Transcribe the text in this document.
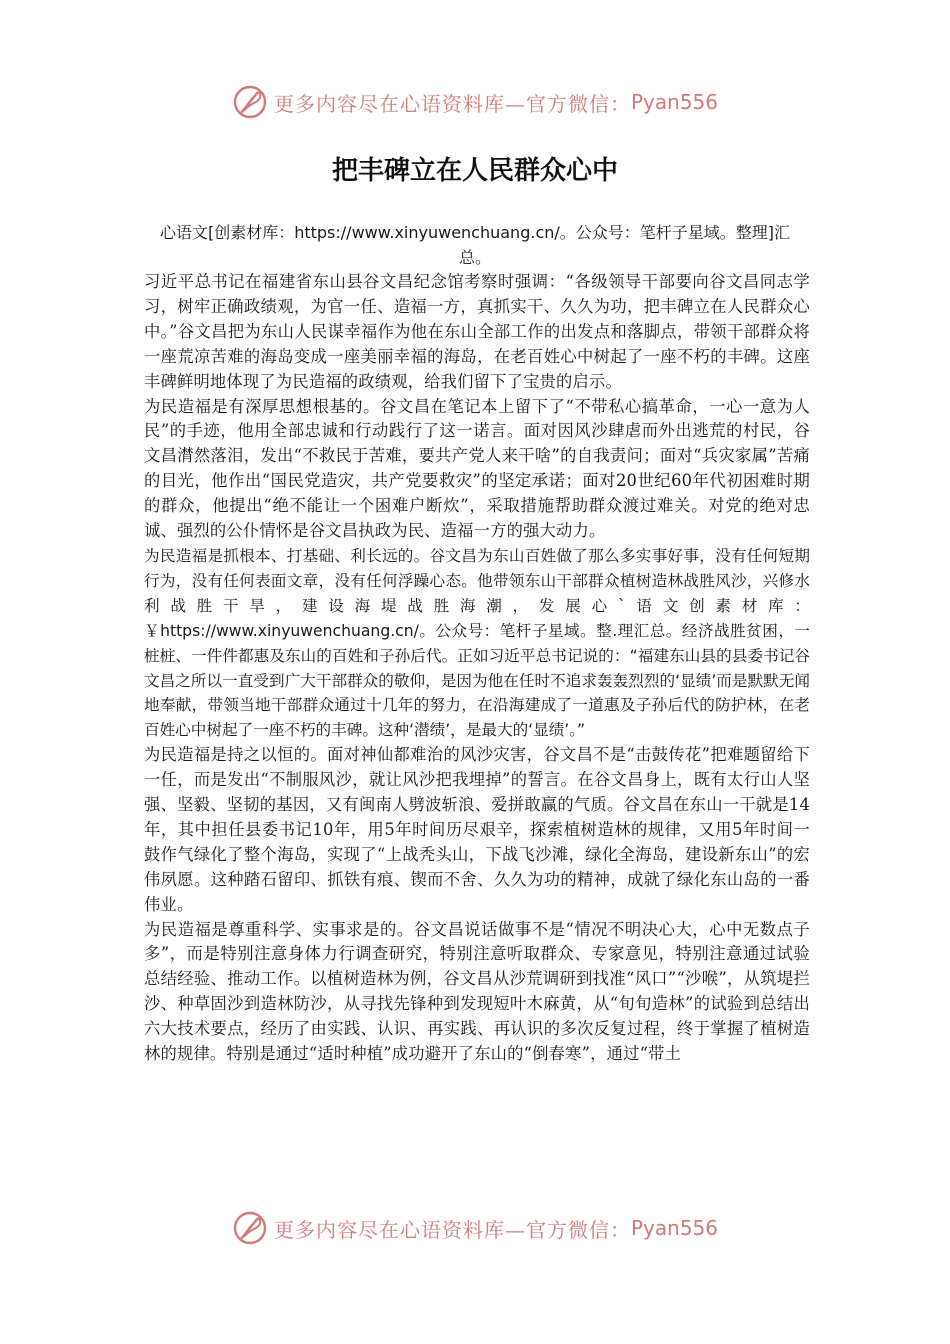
更多内容尽在心语资料库—官方微信： Pyan556
把丰碑立在人民群众心中
心语文[创素材库：https://www.xinyuwenchuang.cn/。公众号：笔杆子星域。整理]汇总。

习近平总书记在福建省东山县谷文昌纪念馆考察时强调：“各级领导干部要向谷文昌同志学习，树牢正确政绩观，为官一任、造福一方，真抓实干、久久为功，把丰碑立在人民群众心中。”谷文昌把为东山人民谋幸福作为他在东山全部工作的出发点和落脚点，带领干部群众将一座荒凉苦难的海岛变成一座美丽幸福的海岛，在老百姓心中树起了一座不朽的丰碑。这座丰碑鲜明地体现了为民造福的政绩观，给我们留下了宝贵的启示。

为民造福是有深厚思想根基的。谷文昌在笔记本上留下了“不带私心搞革命，一心一意为人民”的手迹，他用全部忠诚和行动践行了这一诺言。面对因风沙肆虐而外出逃荒的村民，谷文昌潸然落泪，发出“不救民于苦难，要共产党人来干啥”的自我责问；面对“兵灾家属”苦痛的目光，他作出“国民党造灾，共产党要救灾”的坚定承诺；面对20世纪60年代初困难时期的群众，他提出“绝不能让一个困难户断炊”，采取措施帮助群众渡过难关。对党的绝对忠诚、强烈的公仆情怀是谷文昌执政为民、造福一方的强大动力。

为民造福是抓根本、打基础、利长远的。谷文昌为东山百姓做了那么多实事好事，没有任何短期行为，没有任何表面文章，没有任何浮躁心态。他带领东山干部群众植树造林战胜风沙，兴修水利战胜干旱，建设海堤战胜海潮，发展心`语文创素材库：￥https://www.xinyuwenchuang.cn/。公众号：笔杆子星域。整.理汇总。经济战胜贫困，一桩桩、一件件都惠及东山的百姓和子孙后代。正如习近平总书记说的：“福建东山县的县委书记谷文昌之所以一直受到广大干部群众的敬仰，是因为他在任时不追求轰轰烈烈的‘显绩’而是默默无闻地奉献，带领当地干部群众通过十几年的努力，在沿海建成了一道惠及子孙后代的防护林，在老百姓心中树起了一座不朽的丰碑。这种‘潜绩’，是最大的‘显绩’。”

为民造福是持之以恒的。面对神仙都难治的风沙灾害，谷文昌不是“击鼓传花”把难题留给下一任，而是发出“不制服风沙，就让风沙把我埋掉”的誓言。在谷文昌身上，既有太行山人坚强、坚毅、坚韧的基因，又有闽南人劈波斩浪、爱拼敢赢的气质。谷文昌在东山一干就是14年，其中担任县委书记10年，用5年时间历尽艰辛，探索植树造林的规律，又用5年时间一鼓作气绿化了整个海岛，实现了“上战秃头山，下战飞沙滩，绿化全海岛，建设新东山”的宏伟夙愿。这种踏石留印、抓铁有痕、锲而不舍、久久为功的精神，成就了绿化东山岛的一番伟业。

为民造福是尊重科学、实事求是的。谷文昌说话做事不是“情况不明决心大，心中无数点子多”，而是特别注意身体力行调查研究，特别注意听取群众、专家意见，特别注意通过试验总结经验、推动工作。以植树造林为例，谷文昌从沙荒调研到找准“风口”“沙喉”，从筑堤拦沙、种草固沙到造林防沙，从寻找先锋种到发现短叶木麻黄，从“旬旬造林”的试验到总结出六大技术要点，经历了由实践、认识、再实践、再认识的多次反复过程，终于掌握了植树造林的规律。特别是通过“适时种植”成功避开了东山的“倒春寒”，通过“带土

更多内容尽在心语资料库—官方微信： Pyan556
